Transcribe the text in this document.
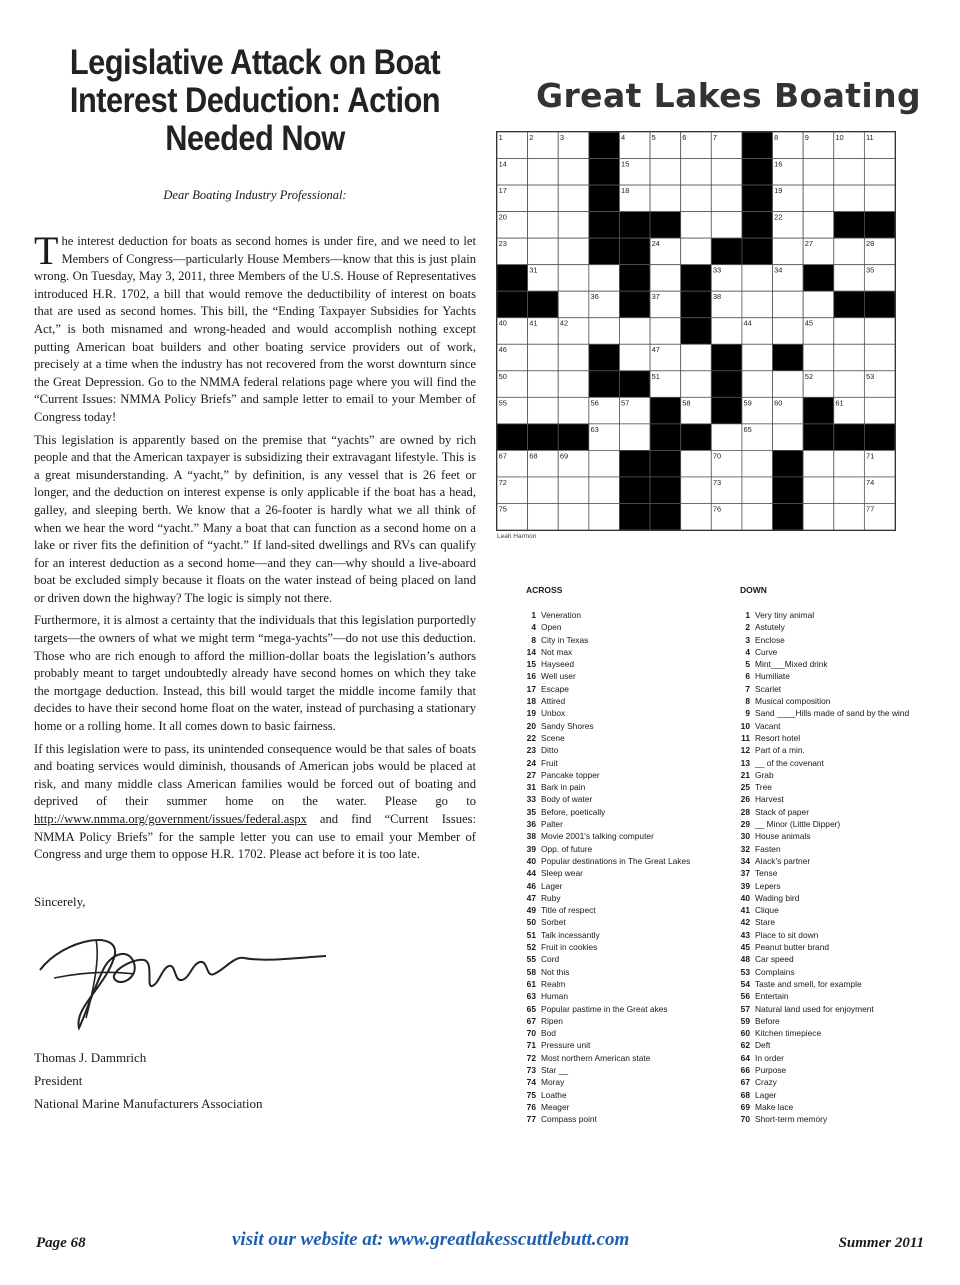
Legislative Attack on Boat
Interest Deduction: Action
Needed Now

Dear Boating Industry Professional:

The interest deduction for boats as second homes is under fire, and we need to let Members of Congress—particularly House Members—know that this is just plain wrong. On Tuesday, May 3, 2011, three Members of the U.S. House of Representatives introduced H.R. 1702, a bill that would remove the deductibility of interest on boats that are used as second homes. This bill, the “Ending Taxpayer Subsidies for Yachts Act,” is both misnamed and wrong-headed and would accomplish nothing except putting American boat builders and other boating service providers out of work, precisely at a time when the industry has not recovered from the worst downturn since the Great Depression. Go to the NMMA federal relations page where you will find the “Current Issues: NMMA Policy Briefs” and sample letter to email to your Member of Congress today!

This legislation is apparently based on the premise that “yachts” are owned by rich people and that the American taxpayer is subsidizing their extravagant lifestyle. This is a great misunderstanding. A “yacht,” by definition, is any vessel that is 26 feet or longer, and the deduction on interest expense is only applicable if the boat has a head, galley, and sleeping berth. We know that a 26-footer is hardly what we all think of when we hear the word “yacht.” Many a boat that can function as a second home on a lake or river fits the definition of “yacht.” If land-sited dwellings and RVs can qualify for an interest deduction as a second home—and they can—why should a live-aboard boat be excluded simply because it floats on the water instead of being placed on land or driven down the highway? The logic is simply not there.

Furthermore, it is almost a certainty that the individuals that this legislation purportedly targets—the owners of what we might term “mega-yachts”—do not use this deduction. Those who are rich enough to afford the million-dollar boats the legislation’s authors probably meant to target undoubtedly already have second homes on which they take the mortgage deduction. Instead, this bill would target the middle income family that decides to have their second home float on the water, instead of purchasing a stationary home or a rolling home. It all comes down to basic fairness.

If this legislation were to pass, its unintended consequence would be that sales of boats and boating services would diminish, thousands of American jobs would be placed at risk, and many middle class American families would be forced out of boating and deprived of their summer home on the water. Please go to http://www.nmma.org/government/issues/federal.aspx and find “Current Issues: NMMA Policy Briefs” for the sample letter you can use to email your Member of Congress and urge them to oppose H.R. 1702. Please act before it is too late.

Sincerely,
Thomas J. Dammrich
President
National Marine Manufacturers Association
Great Lakes Boating
1	2	3	4	5	6	7	8	9	10	11
14	15	16
17	18	19
20	22
23	24	27	28
31	33	34	35
36	37	38
40	41	42	44	45
46	47
50	51	52	53
55	56	57	58	59	60	61
63	65
67	68	69	70	71
72	73	74
75	76	77
Leah Harmon

ACROSS	DOWN

1 Veneration
4 Open
8 City in Texas
14 Not max
15 Hayseed
16 Well user
17 Escape
18 Attired
19 Unbox
20 Sandy Shores
22 Scene
23 Ditto
24 Fruit
27 Pancake topper
31 Bark in pain
33 Body of water
35 Before, poetically
36 Palter
38 Movie 2001's talking computer
39 Opp. of future
40 Popular destinations in The Great Lakes
44 Sleep wear
46 Lager
47 Ruby
49 Title of respect
50 Sorbet
51 Talk incessantly
52 Fruit in cookies
55 Cord
58 Not this
61 Realm
63 Human
65 Popular pastime in the Great akes
67 Ripen
70 Bod
71 Pressure unit
72 Most northern American state
73 Star __
74 Moray
75 Loathe
76 Meager
77 Compass point
1 Very tiny animal
2 Astutely
3 Enclose
4 Curve
5 Mint___Mixed drink
6 Humiliate
7 Scarlet
8 Musical composition
9 Sand ____Hills made of sand by the wind
10 Vacant
11 Resort hotel
12 Part of a min.
13 __ of the covenant
21 Grab
25 Tree
26 Harvest
28 Stack of paper
29 __ Minor (Little Dipper)
30 House animals
32 Fasten
34 Alack's partner
37 Tense
39 Lepers
40 Wading bird
41 Clique
42 Stare
43 Place to sit down
45 Peanut butter brand
48 Car speed
53 Complains
54 Taste and smell, for example
56 Entertain
57 Natural land used for enjoyment
59 Before
60 Kitchen timepiece
62 Deft
64 In order
66 Purpose
67 Crazy
68 Lager
69 Make lace
70 Short-term memory
Page 68	visit our website at: www.greatlakesscuttlebutt.com	Summer 2011
